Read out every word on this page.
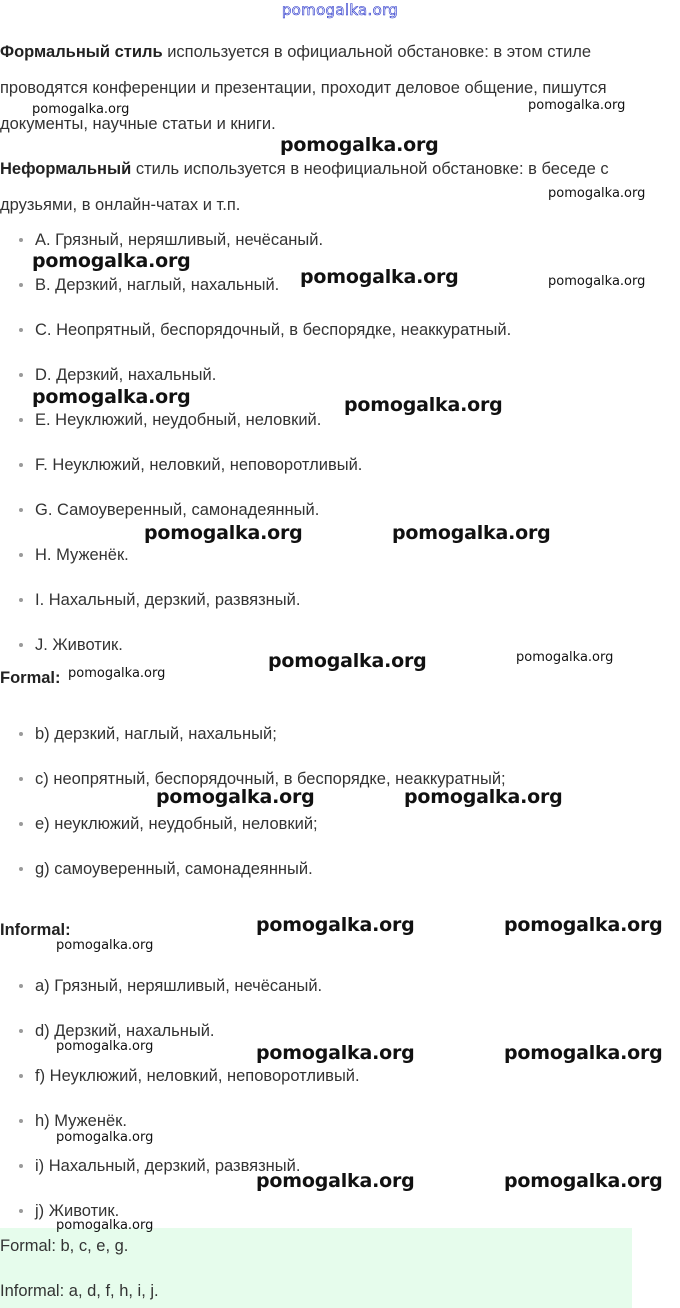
pomogalka.org

Формальный стиль используется в официальной обстановке: в этом стиле проводятся конференции и презентации, проходит деловое общение, пишутся документы, научные статьи и книги.

Неформальный стиль используется в неофициальной обстановке: в беседе с друзьями, в онлайн-чатах и т.п.

A. Грязный, неряшливый, нечёсаный.
B. Дерзкий, наглый, нахальный.
C. Неопрятный, беспорядочный, в беспорядке, неаккуратный.
D. Дерзкий, нахальный.
E. Неуклюжий, неудобный, неловкий.
F. Неуклюжий, неловкий, неповоротливый.
G. Самоуверенный, самонадеянный.
H. Муженёк.
I. Нахальный, дерзкий, развязный.
J. Животик.
Formal:
b) дерзкий, наглый, нахальный;
c) неопрятный, беспорядочный, в беспорядке, неаккуратный;
e) неуклюжий, неудобный, неловкий;
g) самоуверенный, самонадеянный.
Informal:
a) Грязный, неряшливый, нечёсаный.
d) Дерзкий, нахальный.
f) Неуклюжий, неловкий, неповоротливый.
h) Муженёк.
i) Нахальный, дерзкий, развязный.
j) Животик.
Formal: b, c, e, g.
Informal: a, d, f, h, i, j.
pomogalka.org	pomogalka.org
pomogalka.org
pomogalka.org
pomogalka.org
pomogalka.org	pomogalka.org
pomogalka.org	pomogalka.org
pomogalka.org	pomogalka.org
pomogalka.org	pomogalka.org
pomogalka.org
pomogalka.org	pomogalka.org
pomogalka.org	pomogalka.org
pomogalka.org
pomogalka.org	pomogalka.org	pomogalka.org
pomogalka.org
pomogalka.org	pomogalka.org
pomogalka.org
